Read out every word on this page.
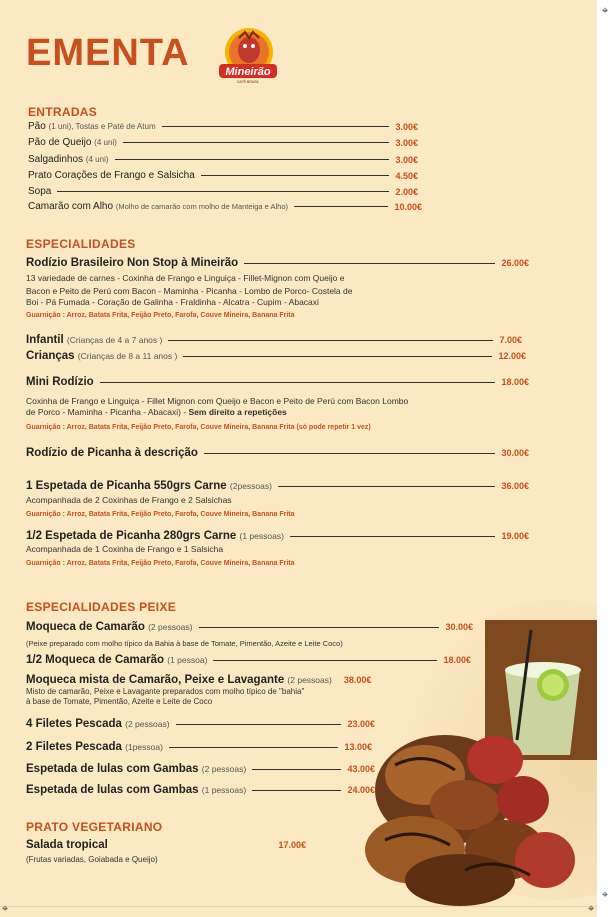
⌖
⌖	⌖
⌖
EMENTA	Mineirão
CAFÉ BRASIL
ENTRADAS
Pão
(1 uni), Tostas e Paté de Atum	3.00€
Pão de Queijo
(4 uni)	3.00€
Salgadinhos
(4 uni)	3.00€
Prato Corações de Frango e Salsicha	4.50€
Sopa	2.00€
Camarão com Alho
(Molho de camarão com molho de Manteiga e Alho)	10.00€
ESPECIALIDADES
Rodízio Brasileiro Non Stop à Mineirão	26.00€
13 variedade de carnes - Coxinha de Frango e Linguiça - Fillet-Mignon com Queijo e
Bacon e Peito de Perú com Bacon - Maminha - Picanha - Lombo de Porco- Costela de
Boi - Pá Fumada - Coração de Galinha - Fraldinha - Alcatra - Cupim - Abacaxi
Guarnição : Arroz, Batata Frita, Feijão Preto, Farofa, Couve Mineira, Banana Frita
Infantil
(Crianças de 4 a 7 anos )	7.00€
Crianças
(Crianças de 8 a 11 anos )	12.00€
Mini Rodízio	18.00€
Coxinha de Frango e Linguiça - Fillet Mignon com Queijo e Bacon e Peito de Perú com Bacon Lombo
de Porco - Maminha - Picanha - Abacaxi) - Sem direito a repetições
Guarnição : Arroz, Batata Frita, Feijão Preto, Farofa, Couve Mineira, Banana Frita (só pode repetir 1 vez)
Rodízio de Picanha à descrição	30.00€
1 Espetada de Picanha 550grs Carne
(2pessoas)	36.00€
Acompanhada de 2 Coxinhas de Frango e 2 Salsichas
Guarnição : Arroz, Batata Frita, Feijão Preto, Farofa, Couve Mineira, Banana Frita
1/2 Espetada de Picanha 280grs Carne
(1 pessoas)	19.00€
Acompanhada de 1 Coxinha de Frango e 1 Salsicha
Guarnição : Arroz, Batata Frita, Feijão Preto, Farofa, Couve Mineira, Banana Frita
ESPECIALIDADES PEIXE
Moqueca de Camarão
(2 pessoas)	30.00€
(Peixe preparado com molho típico da Bahia à base de Tomate, Pimentão, Azeite e Leite Coco)
1/2 Moqueca de Camarão
(1 pessoa)	18.00€
Moqueca mista de Camarão, Peixe e Lavagante
(2 pessoas) 38.00€
Misto de camarão, Peixe e Lavagante preparados com molho típico de "bahia"
à base de Tomate, Pimentão, Azeite e Leite de Coco
4 Filetes Pescada
(2 pessoas)	23.00€
2 Filetes Pescada
(1pessoa)	13.00€
Espetada de lulas com Gambas
(2 pessoas)	43.00€
Espetada de lulas com Gambas
(1 pessoas)	24.00€
PRATO VEGETARIANO
Salada tropical	17.00€
(Frutas variadas, Goiabada e Queijo)
